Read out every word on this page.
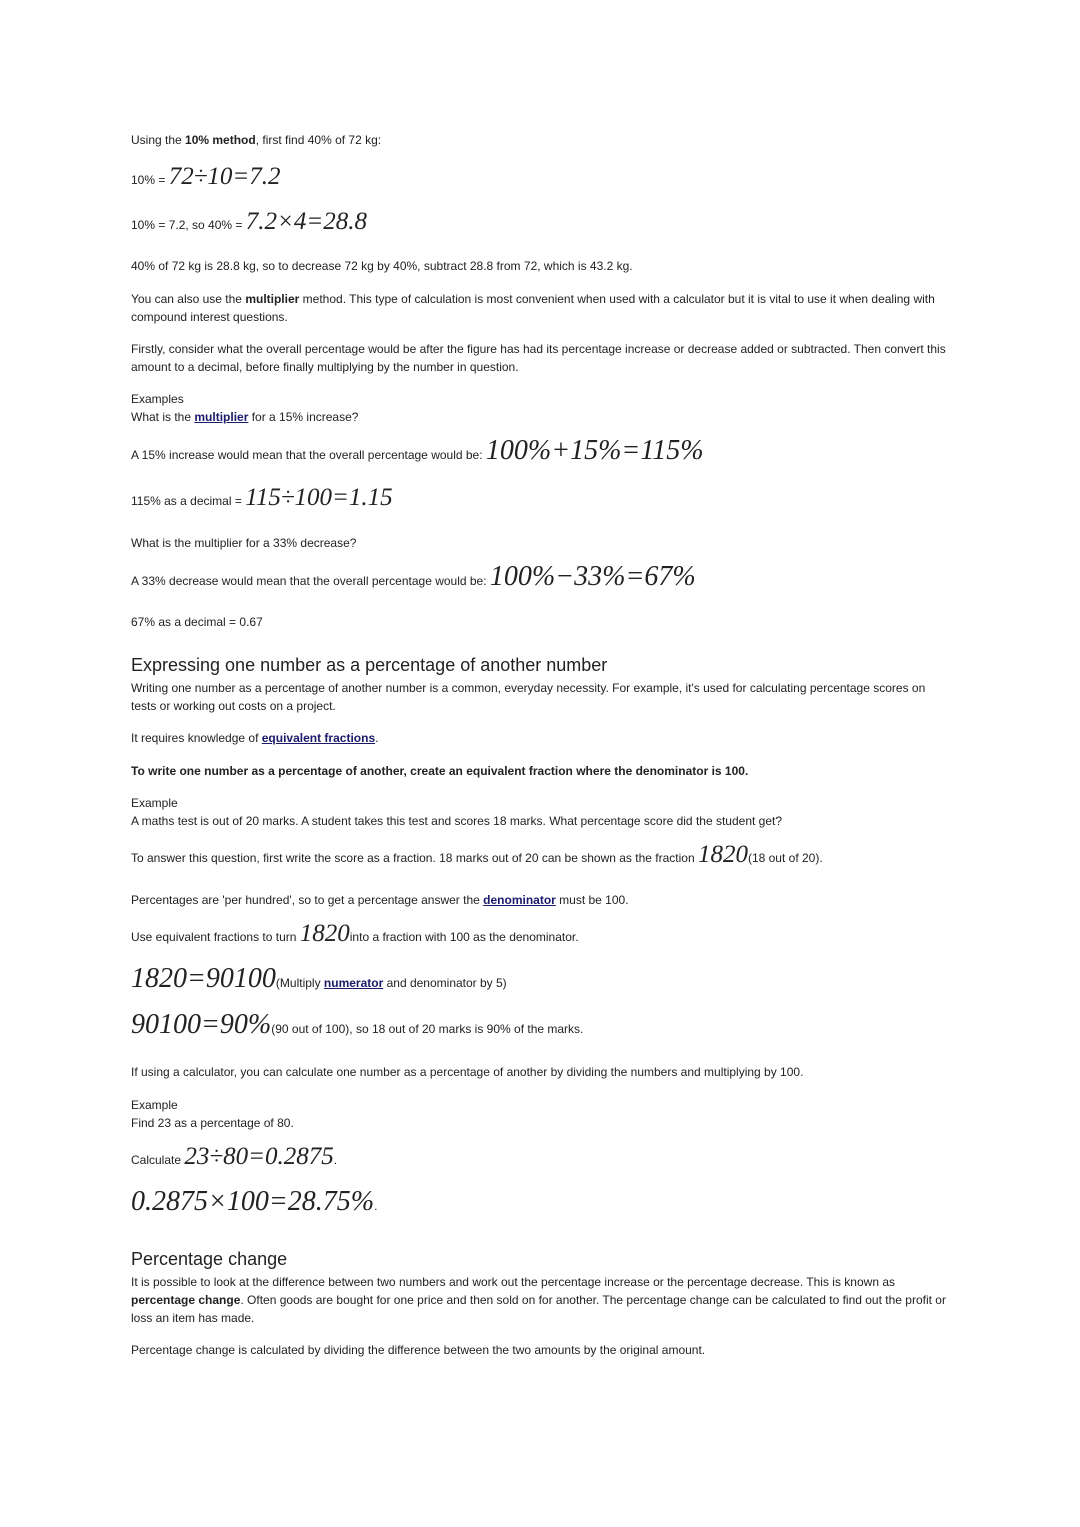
Using the 10% method, first find 40% of 72 kg:
10% = 72÷10=7.2
10% = 7.2, so 40% = 7.2×4=28.8
40% of 72 kg is 28.8 kg, so to decrease 72 kg by 40%, subtract 28.8 from 72, which is 43.2 kg.
You can also use the multiplier method. This type of calculation is most convenient when used with a calculator but it is vital to use it when dealing with compound interest questions.
Firstly, consider what the overall percentage would be after the figure has had its percentage increase or decrease added or subtracted. Then convert this amount to a decimal, before finally multiplying by the number in question.
Examples
What is the multiplier for a 15% increase?
A 15% increase would mean that the overall percentage would be: 100%+15%=115%
115% as a decimal = 115÷100=1.15
What is the multiplier for a 33% decrease?
A 33% decrease would mean that the overall percentage would be: 100%−33%=67%
67% as a decimal = 0.67
Expressing one number as a percentage of another number
Writing one number as a percentage of another number is a common, everyday necessity. For example, it's used for calculating percentage scores on tests or working out costs on a project.
It requires knowledge of equivalent fractions.
To write one number as a percentage of another, create an equivalent fraction where the denominator is 100.
Example
A maths test is out of 20 marks. A student takes this test and scores 18 marks. What percentage score did the student get?
To answer this question, first write the score as a fraction. 18 marks out of 20 can be shown as the fraction 1820(18 out of 20).
Percentages are 'per hundred', so to get a percentage answer the denominator must be 100.
Use equivalent fractions to turn 1820into a fraction with 100 as the denominator.
1820=90100(Multiply numerator and denominator by 5)
90100=90%(90 out of 100), so 18 out of 20 marks is 90% of the marks.
If using a calculator, you can calculate one number as a percentage of another by dividing the numbers and multiplying by 100.
Example
Find 23 as a percentage of 80.
Calculate 23÷80=0.2875.
0.2875×100=28.75%.
Percentage change
It is possible to look at the difference between two numbers and work out the percentage increase or the percentage decrease. This is known as percentage change. Often goods are bought for one price and then sold on for another. The percentage change can be calculated to find out the profit or loss an item has made.
Percentage change is calculated by dividing the difference between the two amounts by the original amount.
